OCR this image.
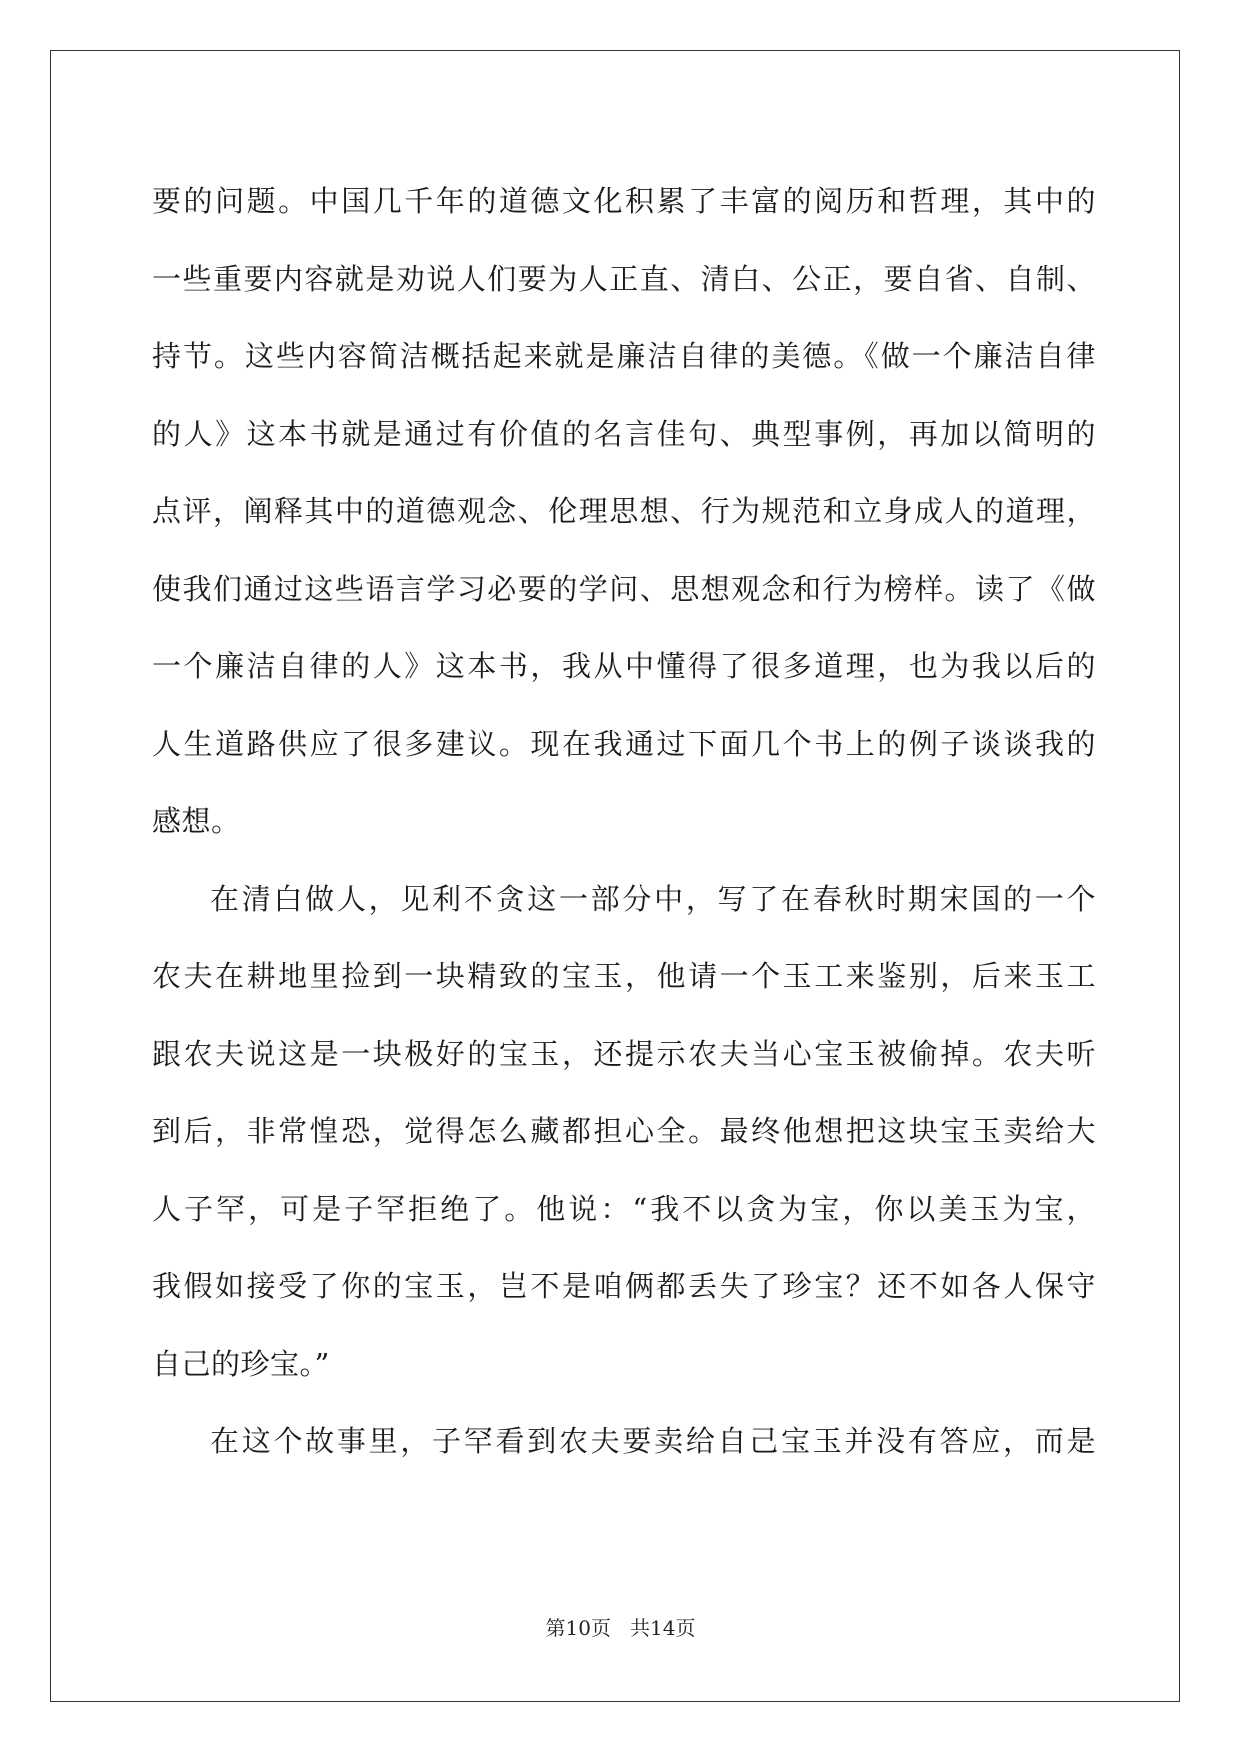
要的问题。中国几千年的道德文化积累了丰富的阅历和哲理，其中的
一些重要内容就是劝说人们要为人正直、清白、公正，要自省、自制、
持节。这些内容简洁概括起来就是廉洁自律的美德。《做一个廉洁自律
的人》这本书就是通过有价值的名言佳句、典型事例，再加以简明的
点评，阐释其中的道德观念、伦理思想、行为规范和立身成人的道理，
使我们通过这些语言学习必要的学问、思想观念和行为榜样。读了《做
一个廉洁自律的人》这本书，我从中懂得了很多道理，也为我以后的
人生道路供应了很多建议。现在我通过下面几个书上的例子谈谈我的
感想。
在清白做人，见利不贪这一部分中，写了在春秋时期宋国的一个
农夫在耕地里捡到一块精致的宝玉，他请一个玉工来鉴别，后来玉工
跟农夫说这是一块极好的宝玉，还提示农夫当心宝玉被偷掉。农夫听
到后，非常惶恐，觉得怎么藏都担心全。最终他想把这块宝玉卖给大
人子罕，可是子罕拒绝了。他说：“我不以贪为宝，你以美玉为宝，
我假如接受了你的宝玉，岂不是咱俩都丢失了珍宝？还不如各人保守
自己的珍宝。”
在这个故事里，子罕看到农夫要卖给自己宝玉并没有答应，而是
第10页 共14页
